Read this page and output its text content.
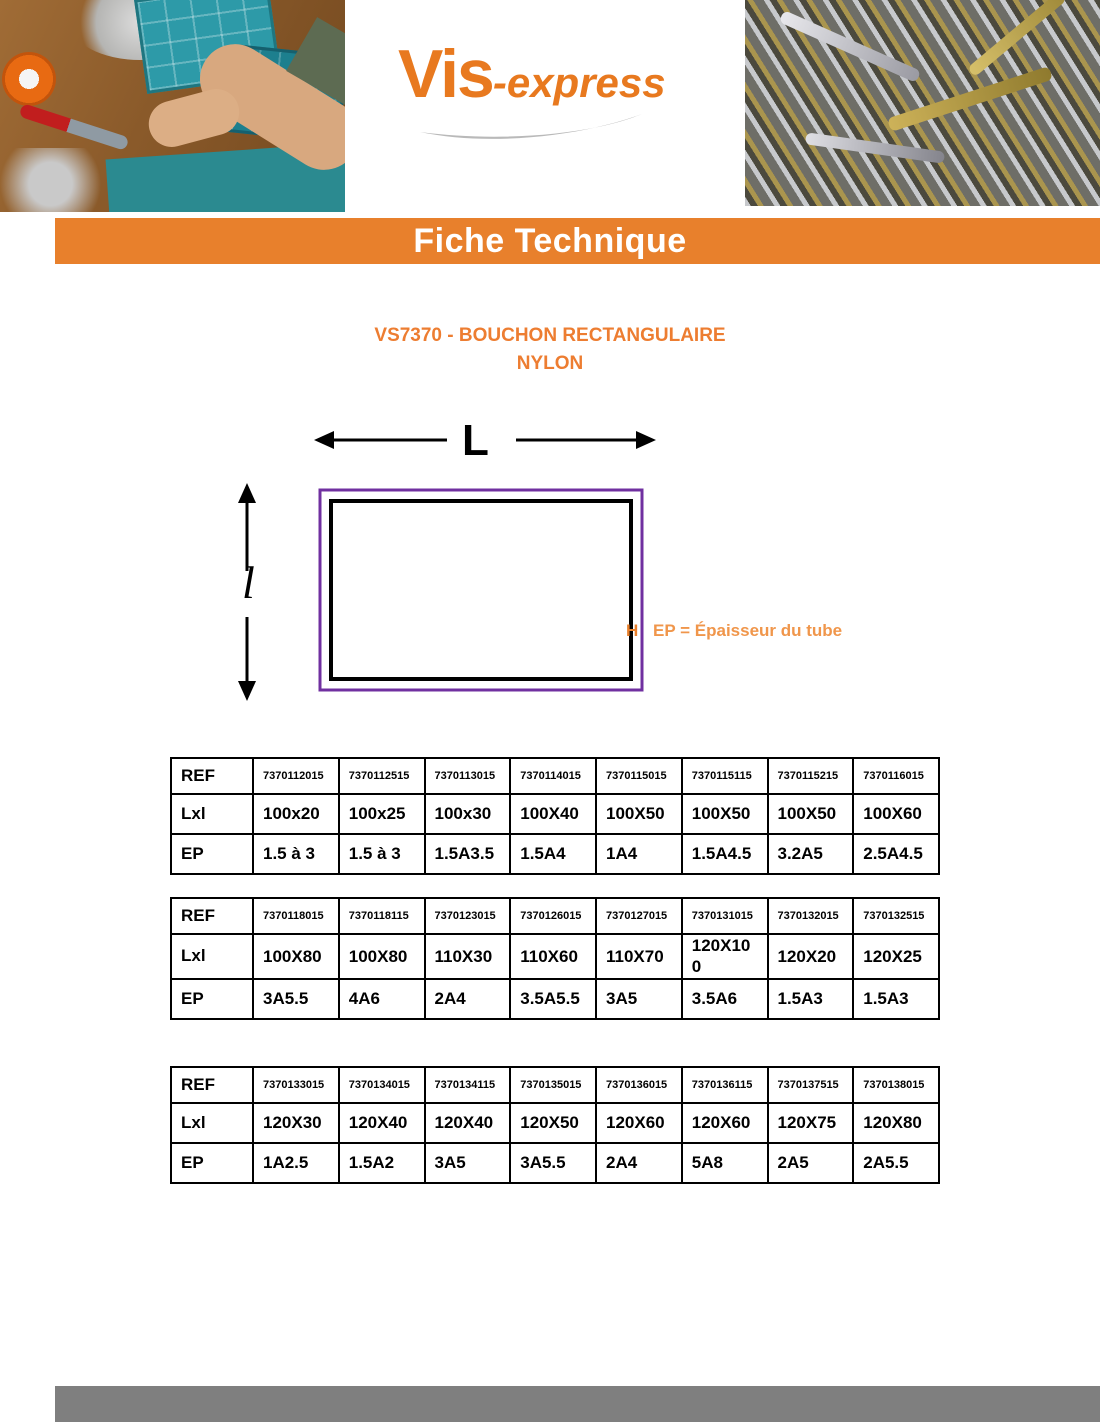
Vis -express
Fiche Technique
VS7370 - BOUCHON RECTANGULAIRE
NYLON
L
l
H EP = Épaisseur du tube
REF	7370112015	7370112515	7370113015	7370114015	7370115015	7370115115	7370115215	7370116015
Lxl	100x20	100x25	100x30	100X40	100X50	100X50	100X50	100X60
EP	1.5 à 3	1.5 à 3	1.5A3.5	1.5A4	1A4	1.5A4.5	3.2A5	2.5A4.5
REF	7370118015	7370118115	7370123015	7370126015	7370127015	7370131015	7370132015	7370132515
Lxl	100X80	100X80	110X30	110X60	110X70	120X100	120X20	120X25
EP	3A5.5	4A6	2A4	3.5A5.5	3A5	3.5A6	1.5A3	1.5A3
REF	7370133015	7370134015	7370134115	7370135015	7370136015	7370136115	7370137515	7370138015
Lxl	120X30	120X40	120X40	120X50	120X60	120X60	120X75	120X80
EP	1A2.5	1.5A2	3A5	3A5.5	2A4	5A8	2A5	2A5.5
